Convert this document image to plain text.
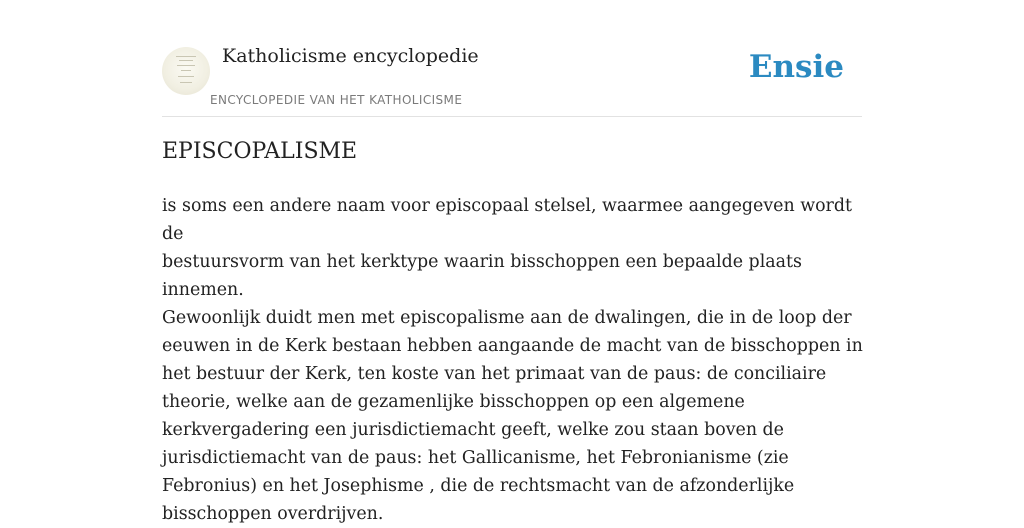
Katholicisme encyclopedie
ENCYCLOPEDIE VAN HET KATHOLICISME
Ensie
EPISCOPALISME

is soms een andere naam voor episcopaal stelsel, waarmee aangegeven wordt de
bestuursvorm van het kerktype waarin bisschoppen een bepaalde plaats innemen.
Gewoonlijk duidt men met episcopalisme aan de dwalingen, die in de loop der
eeuwen in de Kerk bestaan hebben aangaande de macht van de bisschoppen in
het bestuur der Kerk, ten koste van het primaat van de paus: de conciliaire
theorie, welke aan de gezamenlijke bisschoppen op een algemene
kerkvergadering een jurisdictiemacht geeft, welke zou staan boven de
jurisdictiemacht van de paus: het Gallicanisme, het Febronianisme (zie
Febronius) en het Josephisme , die de rechtsmacht van de afzonderlijke
bisschoppen overdrijven.
